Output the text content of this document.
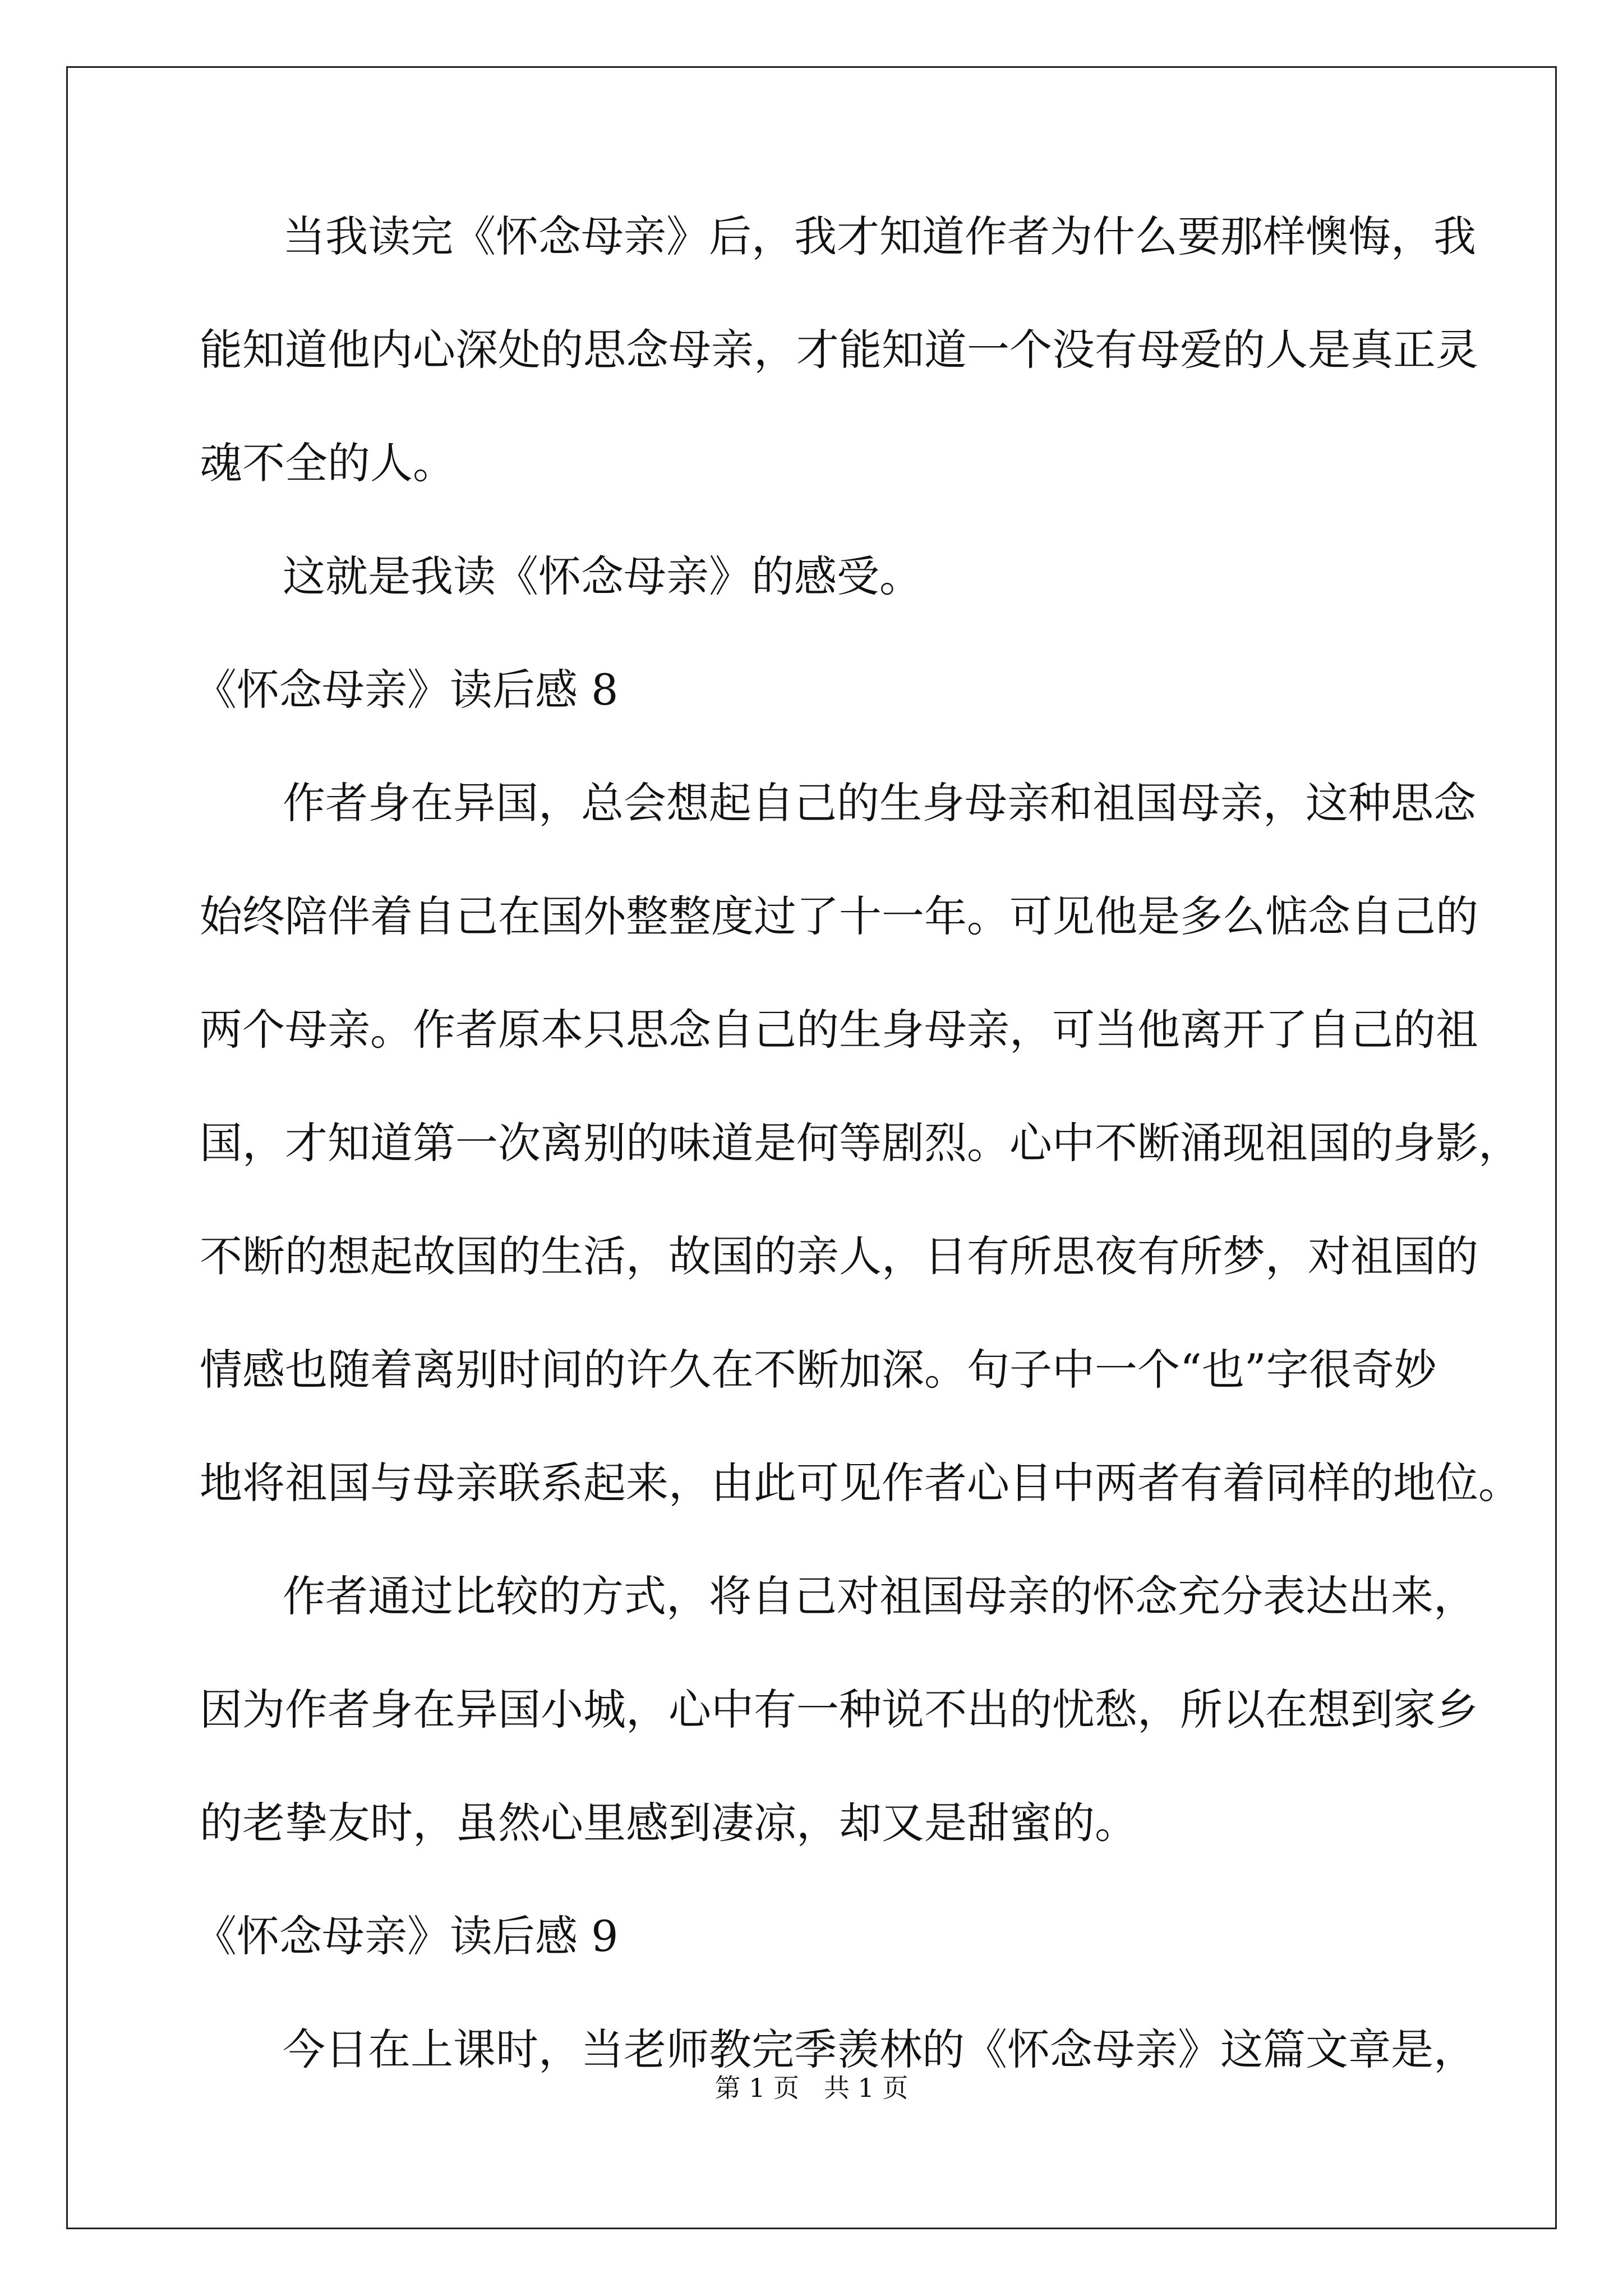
当我读完《怀念母亲》后，我才知道作者为什么要那样懊悔，我
能知道他内心深处的思念母亲，才能知道一个没有母爱的人是真正灵
魂不全的人。
这就是我读《怀念母亲》的感受。
《怀念母亲》读后感 8
作者身在异国，总会想起自己的生身母亲和祖国母亲，这种思念
始终陪伴着自己在国外整整度过了十一年。可见他是多么惦念自己的
两个母亲。作者原本只思念自己的生身母亲，可当他离开了自己的祖
国，才知道第一次离别的味道是何等剧烈。心中不断涌现祖国的身影，
不断的想起故国的生活，故国的亲人，日有所思夜有所梦，对祖国的
情感也随着离别时间的许久在不断加深。句子中一个“也”字很奇妙
地将祖国与母亲联系起来，由此可见作者心目中两者有着同样的地位。
作者通过比较的方式，将自己对祖国母亲的怀念充分表达出来，
因为作者身在异国小城，心中有一种说不出的忧愁，所以在想到家乡
的老挚友时，虽然心里感到凄凉，却又是甜蜜的。
《怀念母亲》读后感 9
今日在上课时，当老师教完季羡林的《怀念母亲》这篇文章是，
第 1 页   共 1 页
